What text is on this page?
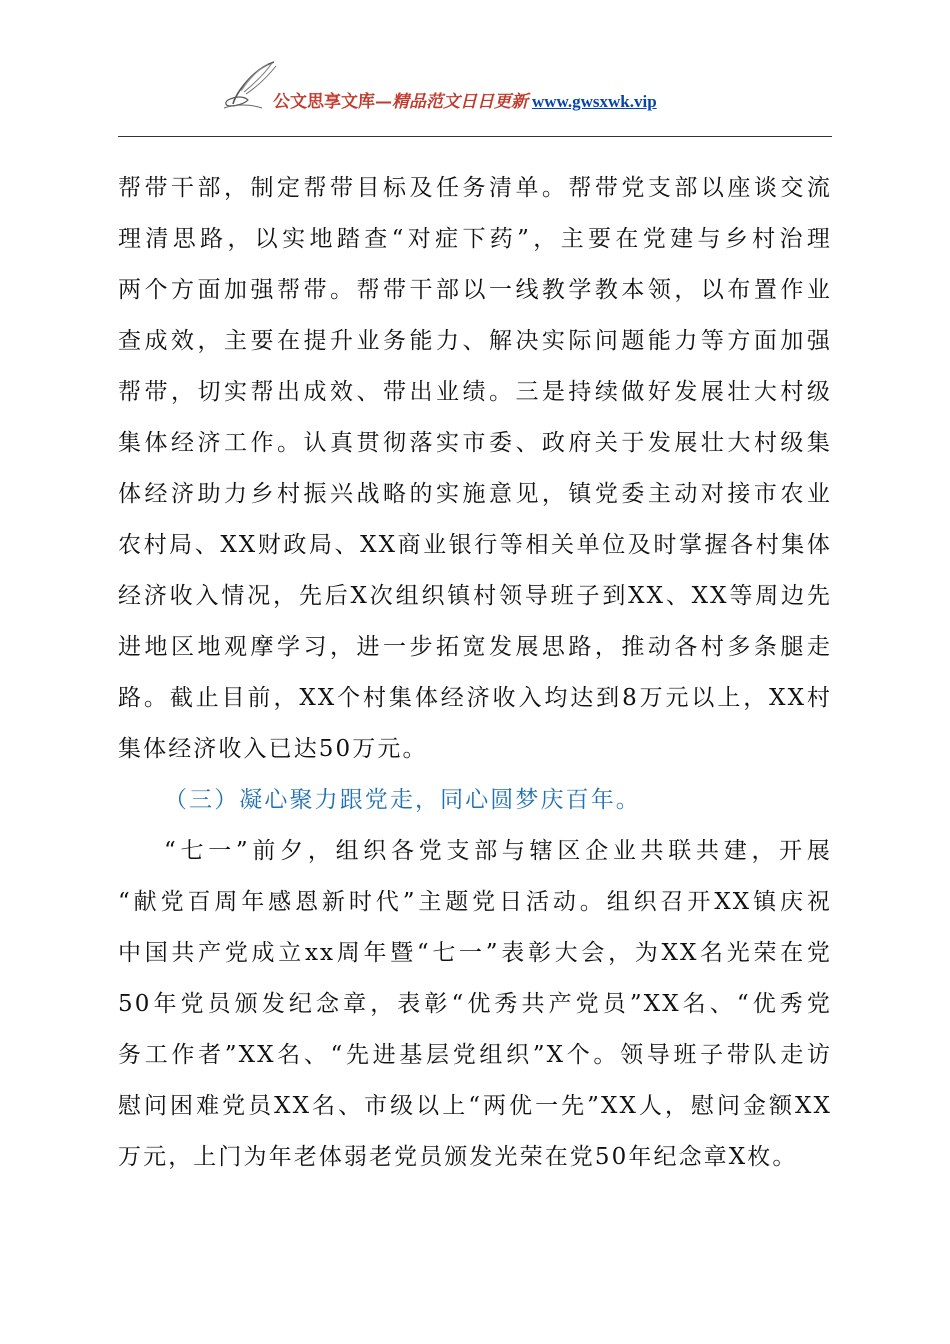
公文思享文库—精品范文日日更新 www.gwsxwk.vip
帮带干部，制定帮带目标及任务清单。帮带党支部以座谈交流
理清思路，以实地踏查“对症下药”，主要在党建与乡村治理
两个方面加强帮带。帮带干部以一线教学教本领，以布置作业
查成效，主要在提升业务能力、解决实际问题能力等方面加强
帮带，切实帮出成效、带出业绩。三是持续做好发展壮大村级
集体经济工作。认真贯彻落实市委、政府关于发展壮大村级集
体经济助力乡村振兴战略的实施意见，镇党委主动对接市农业
农村局、XX财政局、XX商业银行等相关单位及时掌握各村集体
经济收入情况，先后X次组织镇村领导班子到XX、XX等周边先
进地区地观摩学习，进一步拓宽发展思路，推动各村多条腿走
路。截止目前，XX个村集体经济收入均达到8万元以上，XX村
集体经济收入已达50万元。
（三）凝心聚力跟党走，同心圆梦庆百年。
“七一”前夕，组织各党支部与辖区企业共联共建，开展
“献党百周年感恩新时代”主题党日活动。组织召开XX镇庆祝
中国共产党成立xx周年暨“七一”表彰大会，为XX名光荣在党
50年党员颁发纪念章，表彰“优秀共产党员”XX名、“优秀党
务工作者”XX名、“先进基层党组织”X个。领导班子带队走访
慰问困难党员XX名、市级以上“两优一先”XX人，慰问金额XX
万元，上门为年老体弱老党员颁发光荣在党50年纪念章X枚。
